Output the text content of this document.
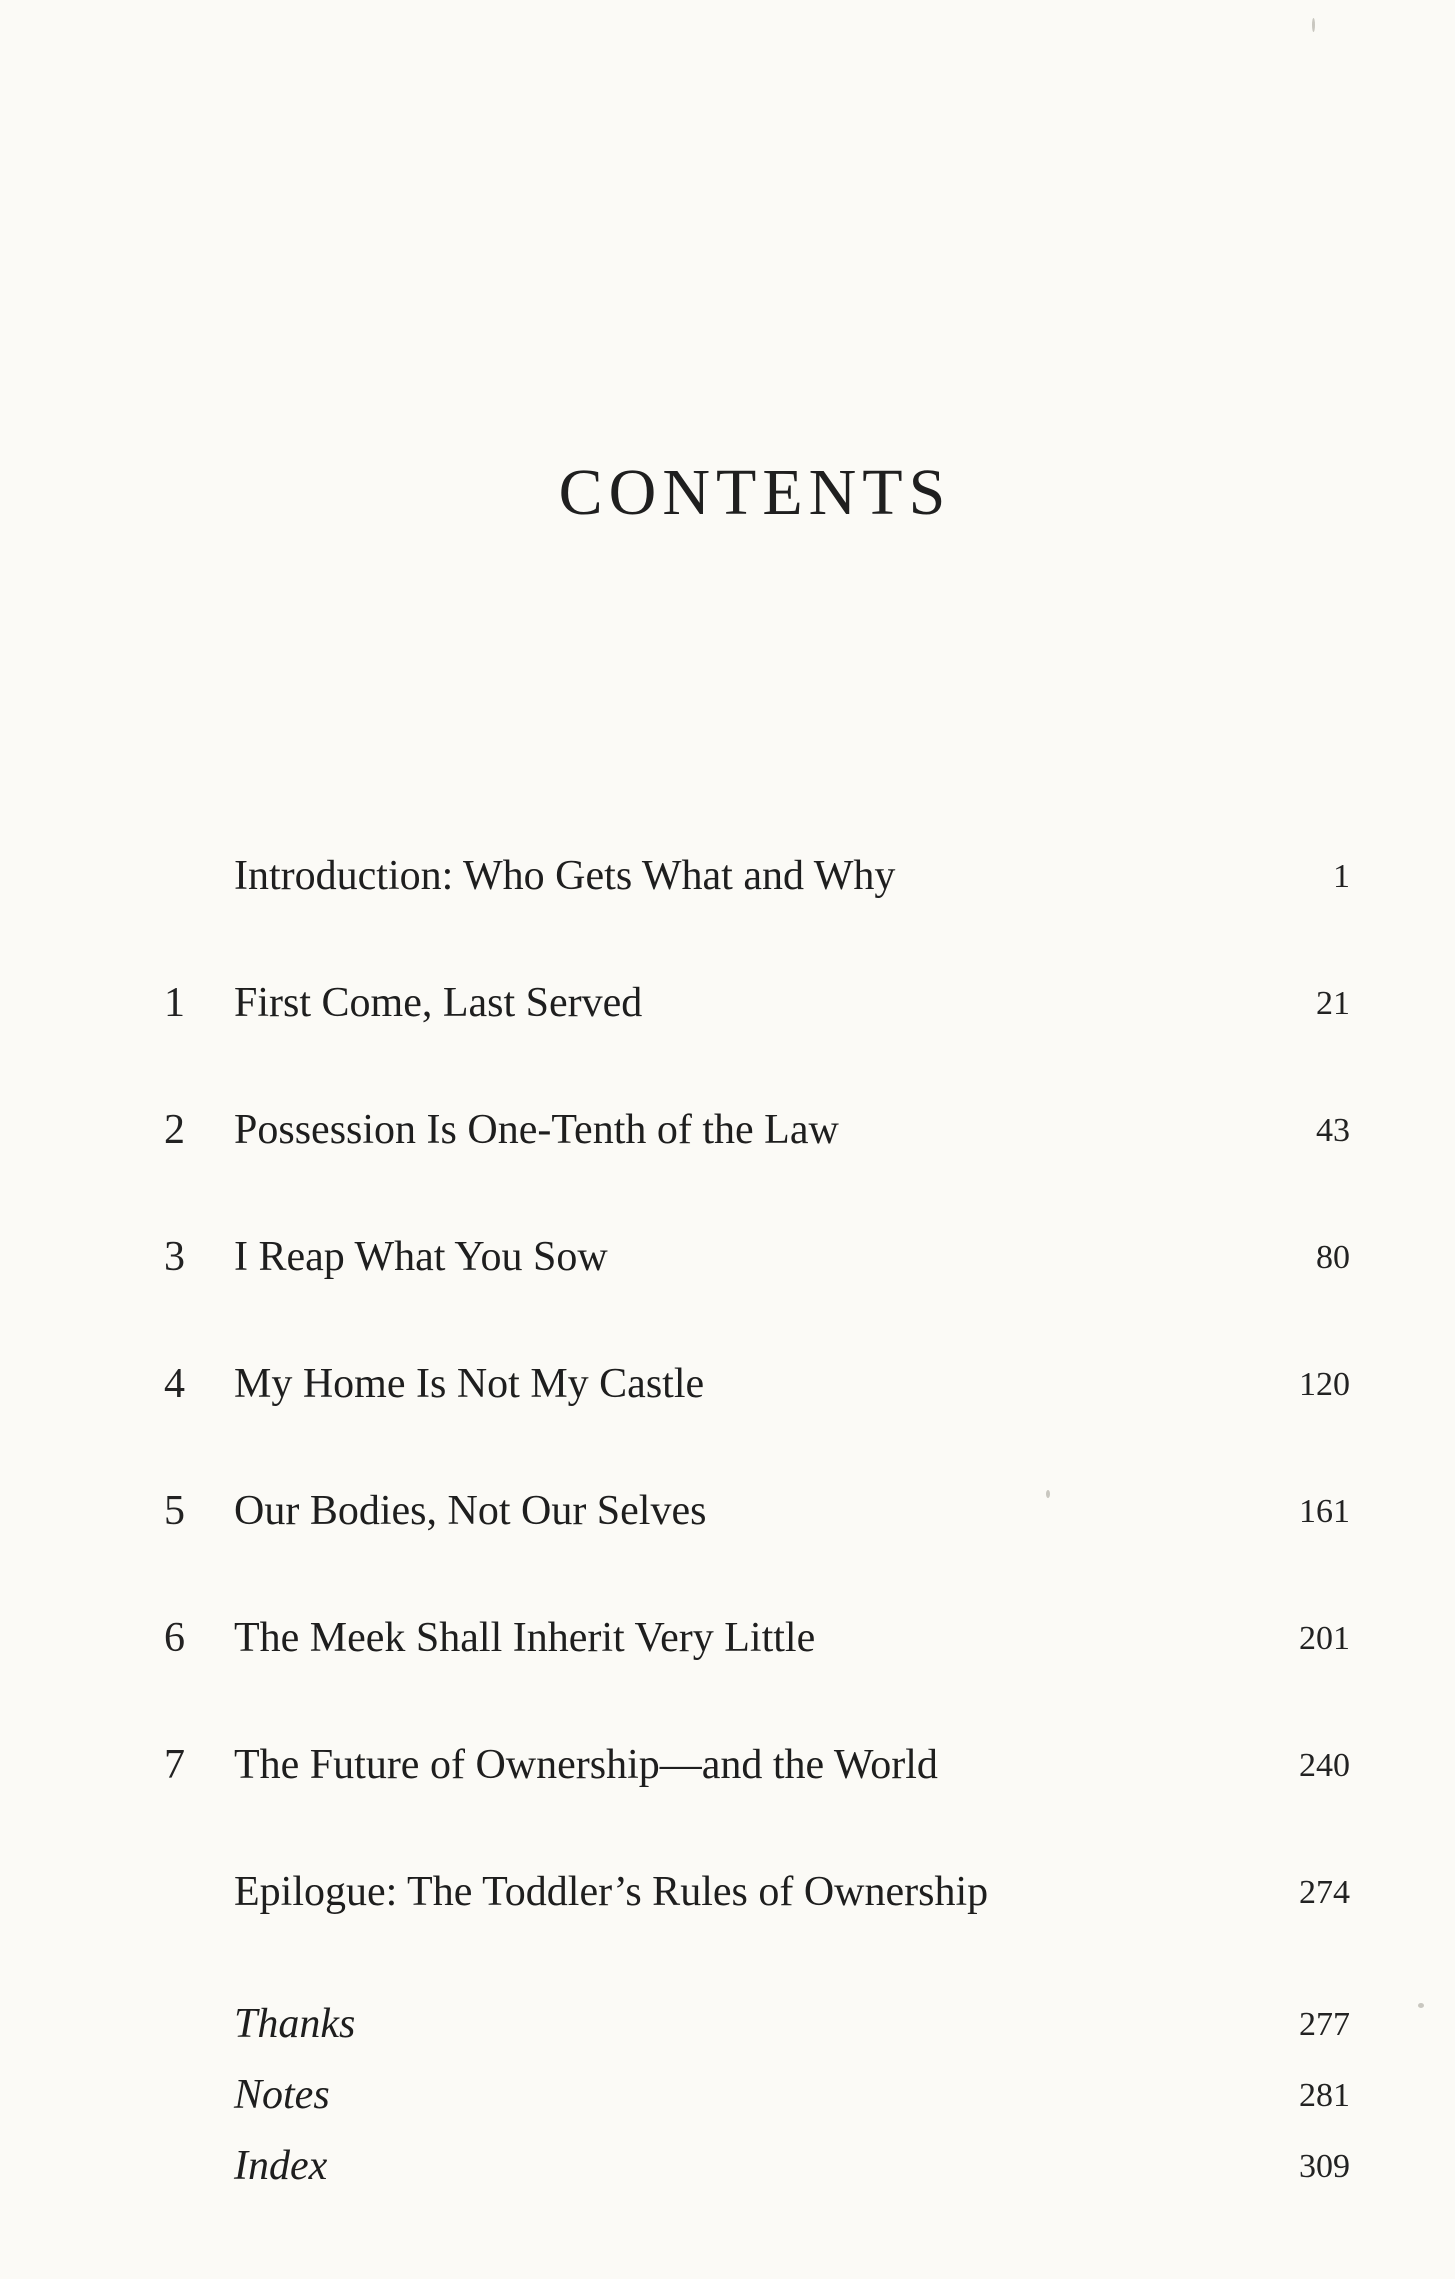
CONTENTS
Introduction: Who Gets What and Why	1
1 First Come, Last Served	21
2 Possession Is One-Tenth of the Law	43
3 I Reap What You Sow	80
4 My Home Is Not My Castle	120
5 Our Bodies, Not Our Selves	161
6 The Meek Shall Inherit Very Little	201
7 The Future of Ownership—and the World	240
Epilogue: The Toddler’s Rules of Ownership	274
Thanks	277
Notes	281
Index	309
